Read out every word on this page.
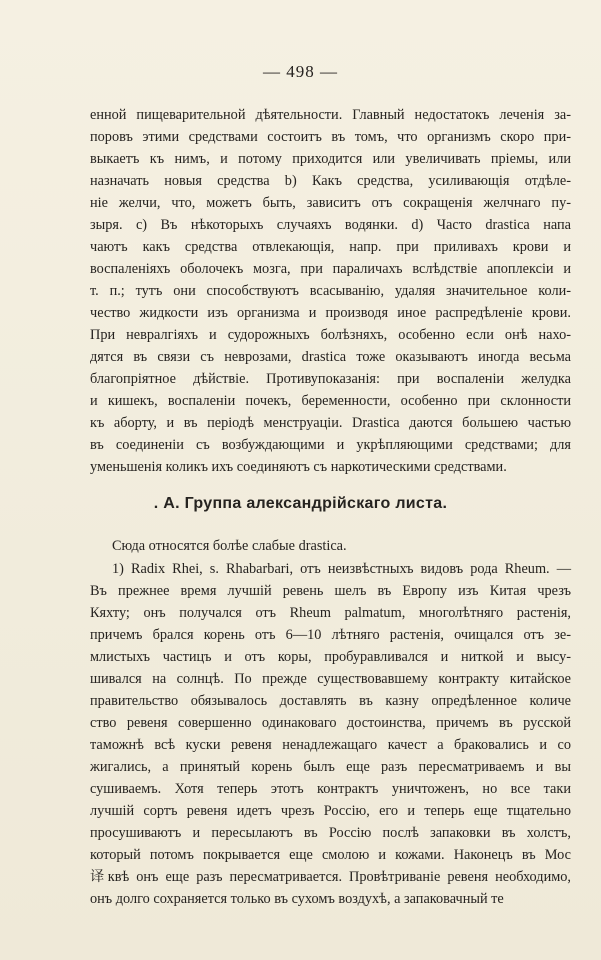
— 498 —
енной пищеварительной дѣятельности. Главный недостатокъ леченія за-
поровъ этими средствами состоитъ въ томъ, что организмъ скоро при-
выкаетъ къ нимъ, и потому приходится или увеличивать пріемы, или
назначать новыя средства b) Какъ средства, усиливающія отдѣле-
ніе желчи, что, можетъ быть, зависитъ отъ сокращенія желчнаго пу-
зыря. c) Въ нѣкоторыхъ случаяхъ водянки. d) Часто drastica напа
чаютъ какъ средства отвлекающія, напр. при приливахъ крови и
воспаленіяхъ оболочекъ мозга, при параличахъ вслѣдствіе апоплексіи и
т. п.; тутъ они способствуютъ всасыванію, удаляя значительное коли-
чество жидкости изъ организма и производя иное распредѣленіе крови.
При невралгіяхъ и судорожныхъ болѣзняхъ, особенно если онѣ нахо-
дятся въ связи съ неврозами, drastica тоже оказываютъ иногда весьма
благопріятное дѣйствіе. Противупоказанія: при воспаленіи желудка
и кишекъ, воспаленіи почекъ, беременности, особенно при склонности
къ аборту, и въ періодѣ менструаціи. Drastica даются большею частью
въ соединеніи съ возбуждающими и укрѣпляющими средствами; для
уменьшенія коликъ ихъ соединяютъ съ наркотическими средствами.
. А. Группа александрійскаго листа.
Сюда относятся болѣе слабые drastica.
1) Radix Rhei, s. Rhabarbari, отъ неизвѣстныхъ видовъ рода Rheum. —
Въ прежнее время лучшій ревень шелъ въ Европу изъ Китая чрезъ
Кяхту; онъ получался отъ Rheum palmatum, многолѣтняго растенія,
причемъ брался корень отъ 6—10 лѣтняго растенія, очищался отъ зе-
млистыхъ частицъ и отъ коры, пробуравливался и ниткой и высу-
шивался на солнцѣ. По прежде существовавшему контракту китайское
правительство обязывалось доставлять въ казну опредѣленное количе
ство ревеня совершенно одинаковаго достоинства, причемъ въ русской
таможнѣ всѣ куски ревеня ненадлежащаго качест а браковались и со
жигались, а принятый корень былъ еще разъ пересматриваемъ и вы
сушиваемъ. Хотя теперь этотъ контрактъ уничтоженъ, но все таки
лучшій сортъ ревеня идетъ чрезъ Россію, его и теперь еще тщательно
просушиваютъ и пересылаютъ въ Россію послѣ запаковки въ холстъ,
который потомъ покрывается еще смолою и кожами. Наконецъ въ Мос
译квѣ онъ еще разъ пересматривается. Провѣтриваніе ревеня необходимо,
онъ долго сохраняется только въ сухомъ воздухѣ, а запаковачный те
